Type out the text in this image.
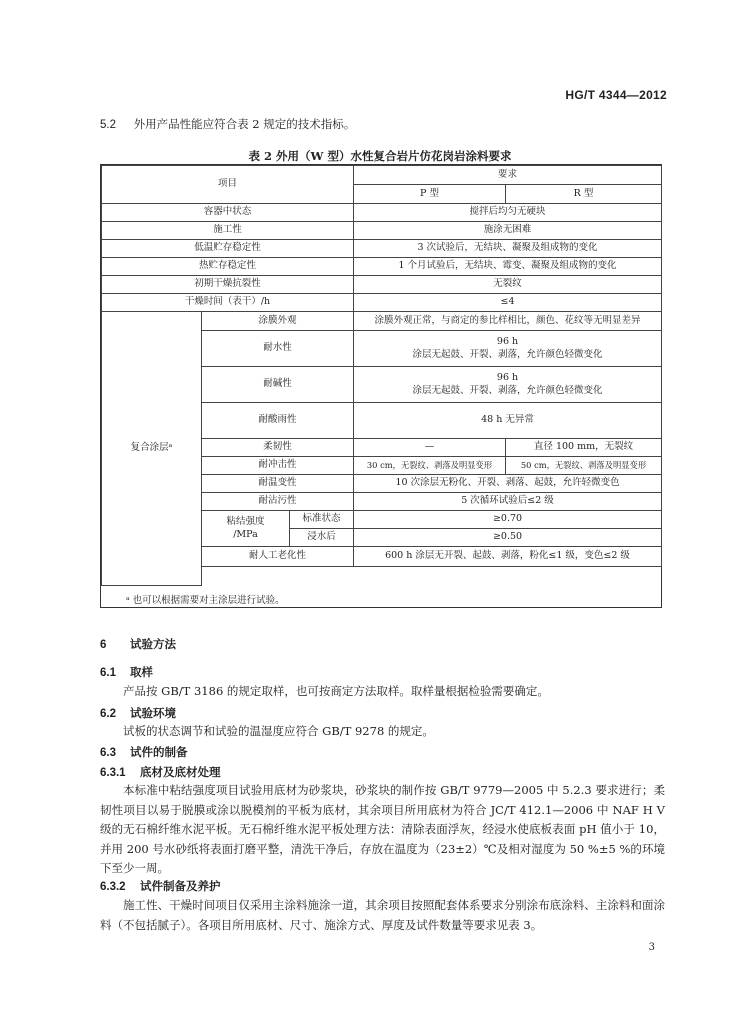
HG/T 4344—2012
5.2 外用产品性能应符合表 2 规定的技术指标。
表 2 外用（W 型）水性复合岩片仿花岗岩涂料要求
项目			要求	
			P 型	R 型
容器中状态			搅拌后均匀无硬块	
施工性			施涂无困难	
低温贮存稳定性			3 次试验后，无结块、凝聚及组成物的变化	
热贮存稳定性			1 个月试验后，无结块、霉变、凝聚及组成物的变化	
初期干燥抗裂性			无裂纹	
干燥时间（表干）/h			≤4	
复合涂层ᵃ	涂膜外观		涂膜外观正常，与商定的参比样相比，颜色、花纹等无明显差异	
	耐水性		96 h
涂层无起鼓、开裂、剥落，允许颜色轻微变化	

	耐碱性		96 h
涂层无起鼓、开裂、剥落，允许颜色轻微变化	

	耐酸雨性		48 h 无异常	
	柔韧性		—	直径 100 mm，无裂纹
	耐冲击性		30 cm，无裂纹、剥落及明显变形	50 cm，无裂纹、剥落及明显变形
	耐温变性		10 次涂层无粉化、开裂、剥落、起鼓，允许轻微变色	
	耐沾污性		5 次循环试验后≤2 级	

	粘结强度
/MPa	标准状态	≥0.70	
		浸水后	≥0.50	
	耐人工老化性		600 h 涂层无开裂、起鼓、剥落，粉化≤1 级，变色≤2 级	

ᵃ 也可以根据需要对主涂层进行试验。
6 试验方法
6.1 取样
产品按 GB/T 3186 的规定取样，也可按商定方法取样。取样量根据检验需要确定。
6.2 试验环境
试板的状态调节和试验的温湿度应符合 GB/T 9278 的规定。
6.3 试件的制备
6.3.1 底材及底材处理
本标准中粘结强度项目试验用底材为砂浆块，砂浆块的制作按 GB/T 9779—2005 中 5.2.3 要求进行；柔韧性项目以易于脱膜或涂以脱模剂的平板为底材，其余项目所用底材为符合 JC/T 412.1—2006 中 NAF H V 级的无石棉纤维水泥平板。无石棉纤维水泥平板处理方法：清除表面浮灰，经浸水使底板表面 pH 值小于 10，并用 200 号水砂纸将表面打磨平整，清洗干净后，存放在温度为（23±2）℃及相对湿度为 50 %±5 %的环境下至少一周。
6.3.2 试件制备及养护
施工性、干燥时间项目仅采用主涂料施涂一道，其余项目按照配套体系要求分别涂布底涂料、主涂料和面涂料（不包括腻子）。各项目所用底材、尺寸、施涂方式、厚度及试件数量等要求见表 3。
3
